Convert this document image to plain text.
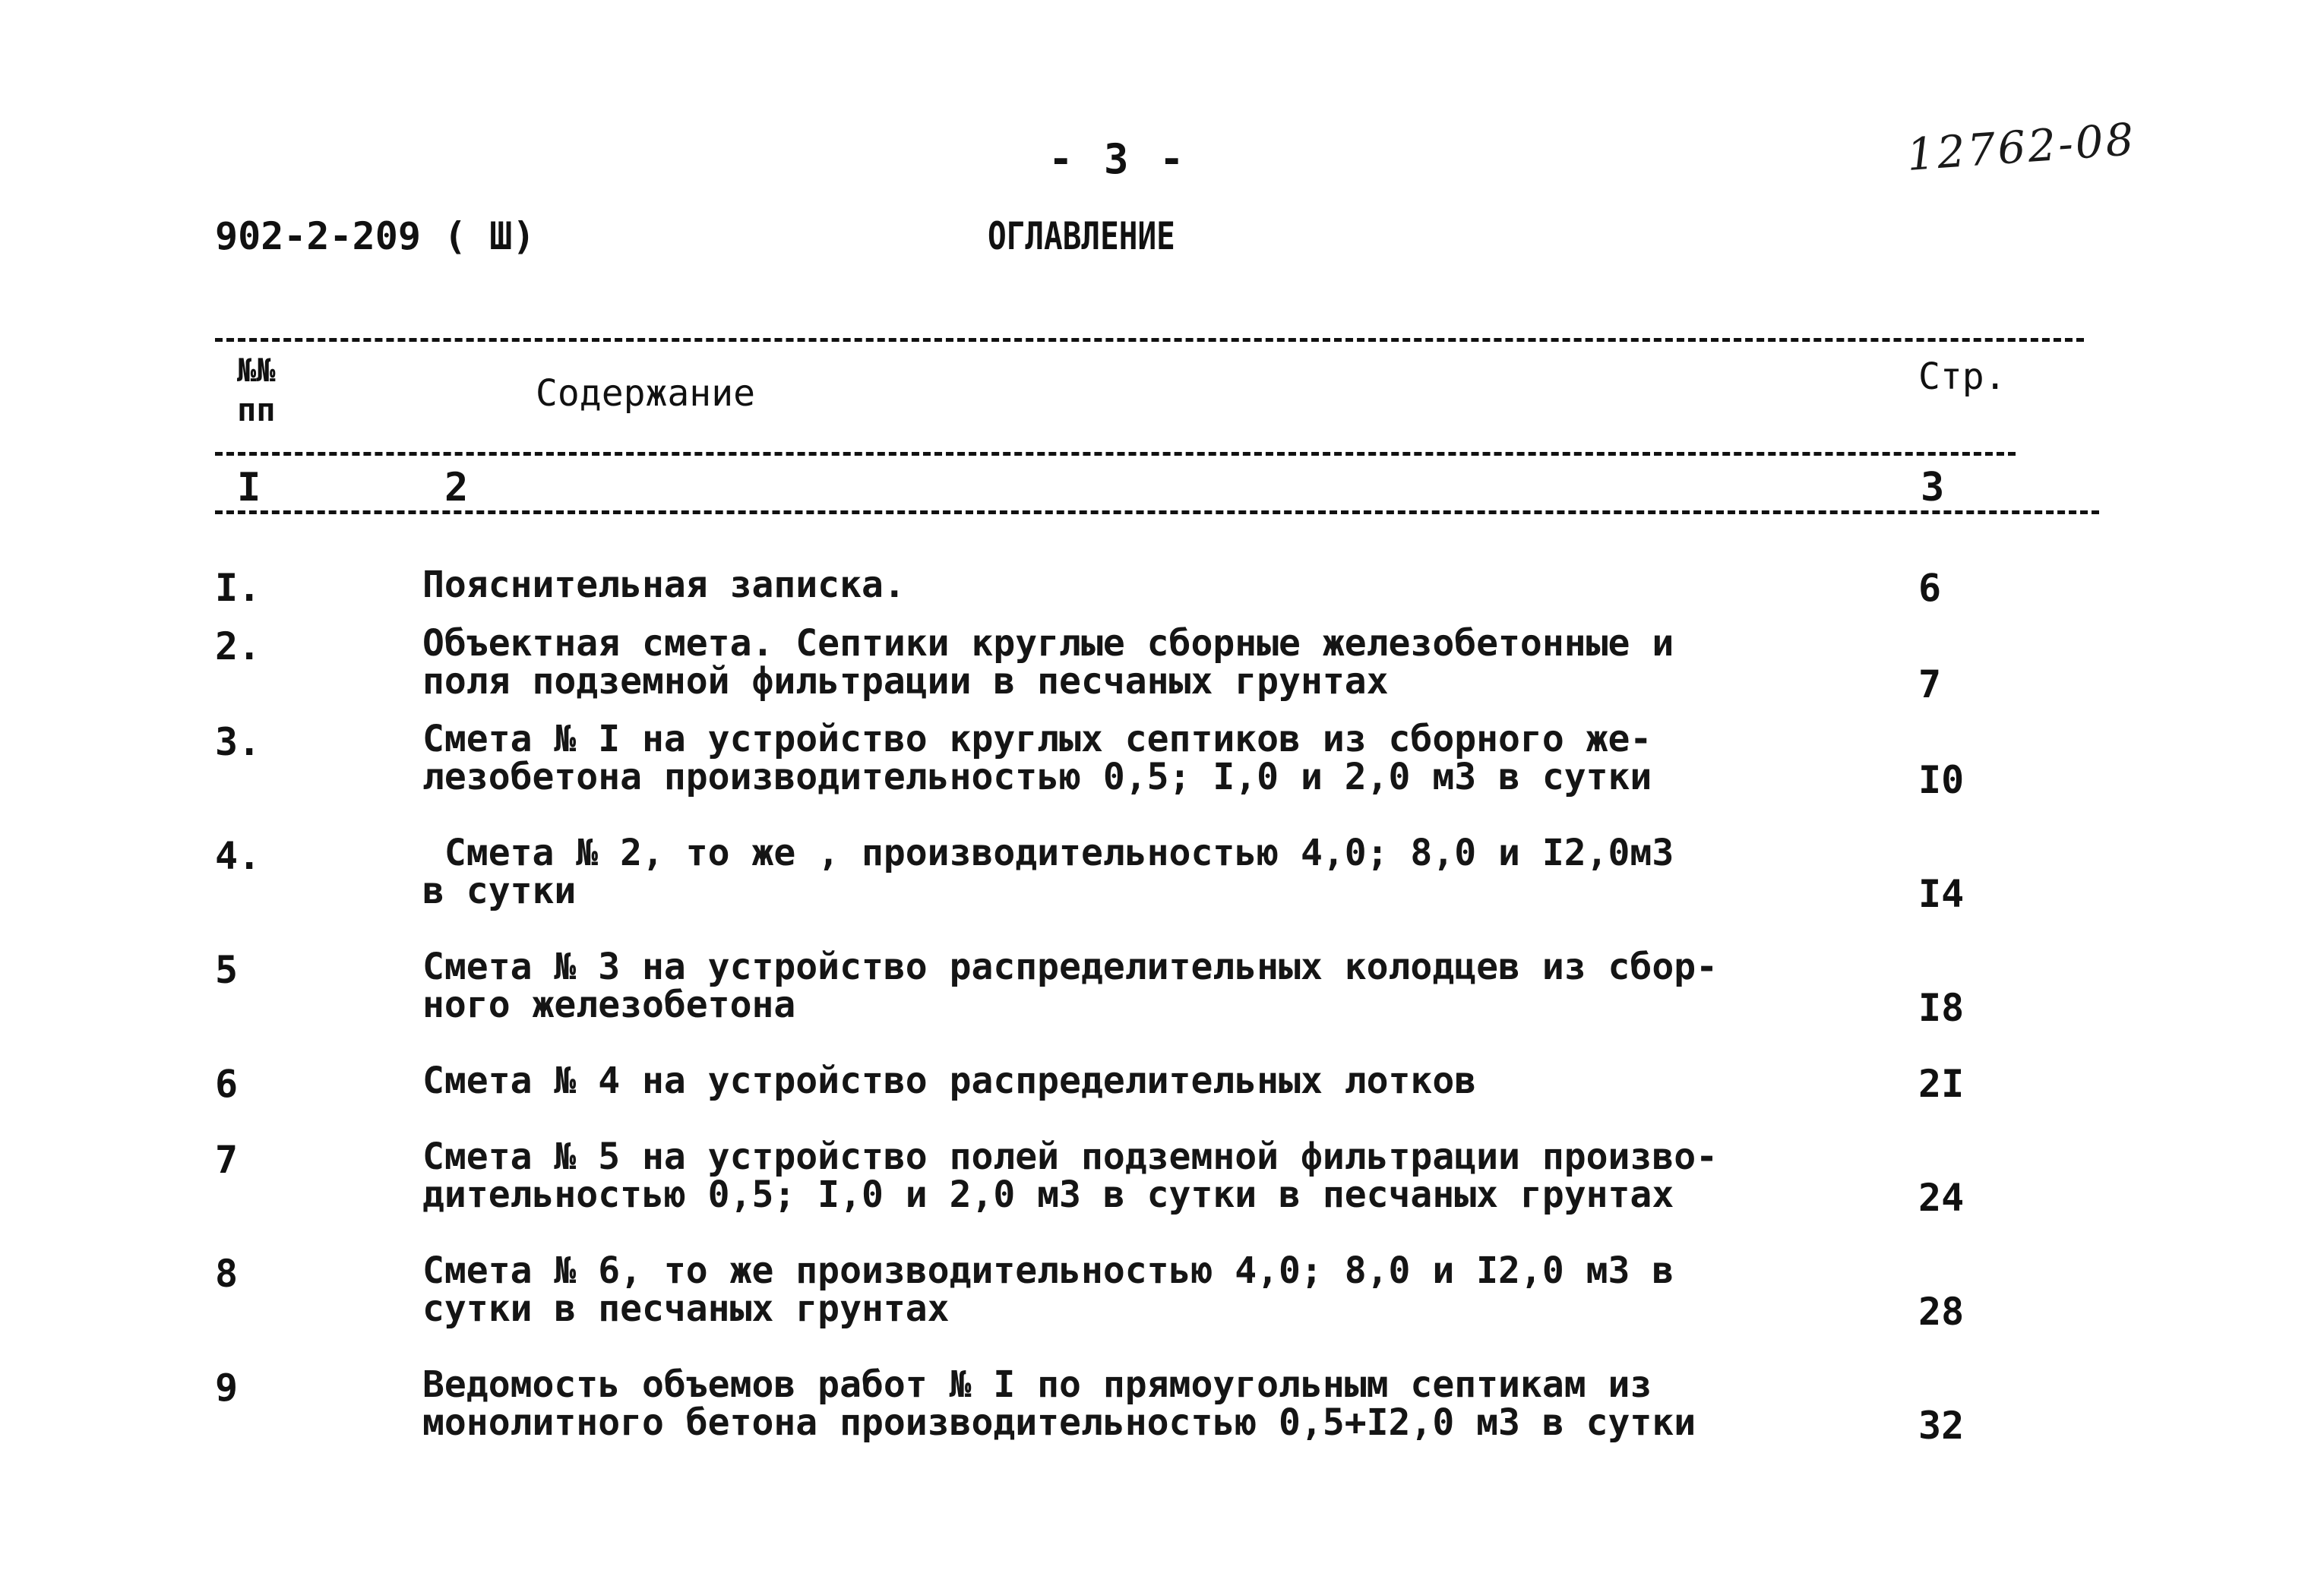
- 3 -	12762-08
902-2-209 ( Ш)	ОГЛАВЛЕНИЕ
№№
пп	Содержание	Стр.
I	2	3
I.	Пояснительная записка.	6
2.	Объектная смета. Септики круглые сборные железобетонные и
поля подземной фильтрации в песчаных грунтах	7
3.	Смета № I на устройство круглых септиков из сборного же-
лезобетона производительностью 0,5; I,0 и 2,0 м3 в сутки	I0
4.	Смета № 2, то же , производительностью 4,0; 8,0 и I2,0м3
в сутки	I4
5	Смета № 3 на устройство распределительных колодцев из сбор-
ного железобетона	I8
6	Смета № 4 на устройство распределительных лотков	2I
7	Смета № 5 на устройство полей подземной фильтрации произво-
дительностью 0,5; I,0 и 2,0 м3 в сутки в песчаных грунтах	24
8	Смета № 6, то же производительностью 4,0; 8,0 и I2,0 м3 в
сутки в песчаных грунтах	28
9	Ведомость объемов работ № I по прямоугольным септикам из
монолитного бетона производительностью 0,5+I2,0 м3 в сутки	32
